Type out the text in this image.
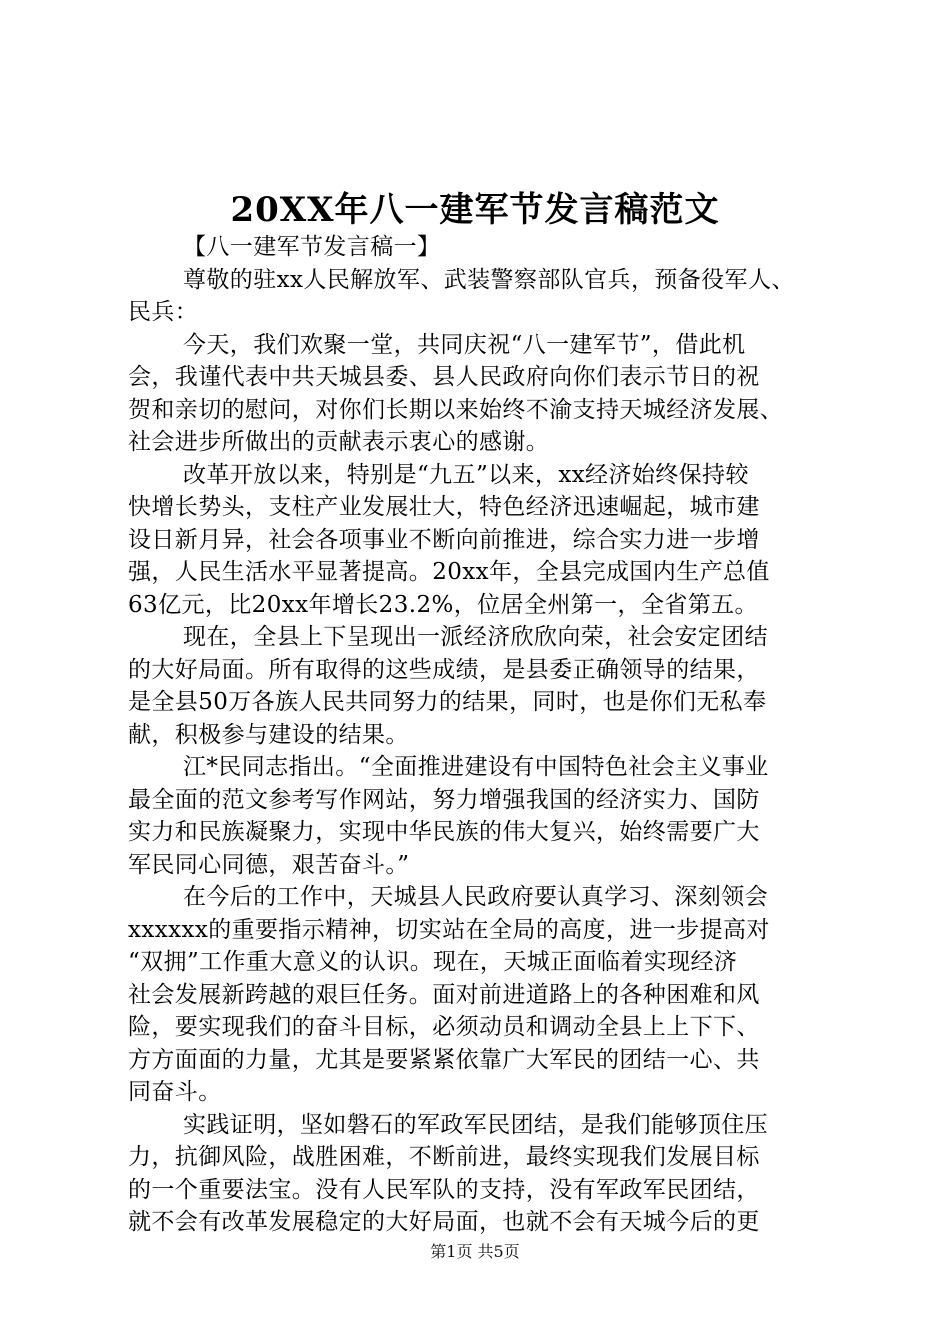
20XX年八一建军节发言稿范文
【八一建军节发言稿一】
尊敬的驻xx人民解放军、武装警察部队官兵，预备役军人、
民兵：
今天，我们欢聚一堂，共同庆祝“八一建军节”，借此机
会，我谨代表中共天城县委、县人民政府向你们表示节日的祝
贺和亲切的慰问，对你们长期以来始终不渝支持天城经济发展、
社会进步所做出的贡献表示衷心的感谢。
改革开放以来，特别是“九五”以来，xx经济始终保持较
快增长势头，支柱产业发展壮大，特色经济迅速崛起，城市建
设日新月异，社会各项事业不断向前推进，综合实力进一步增
强，人民生活水平显著提高。20xx年，全县完成国内生产总值
63亿元，比20xx年增长23.2%，位居全州第一，全省第五。
现在，全县上下呈现出一派经济欣欣向荣，社会安定团结
的大好局面。所有取得的这些成绩，是县委正确领导的结果，
是全县50万各族人民共同努力的结果，同时，也是你们无私奉
献，积极参与建设的结果。
江*民同志指出。“全面推进建设有中国特色社会主义事业
最全面的范文参考写作网站，努力增强我国的经济实力、国防
实力和民族凝聚力，实现中华民族的伟大复兴，始终需要广大
军民同心同德，艰苦奋斗。”
在今后的工作中，天城县人民政府要认真学习、深刻领会
xxxxxx的重要指示精神，切实站在全局的高度，进一步提高对
“双拥”工作重大意义的认识。现在，天城正面临着实现经济
社会发展新跨越的艰巨任务。面对前进道路上的各种困难和风
险，要实现我们的奋斗目标，必须动员和调动全县上上下下、
方方面面的力量，尤其是要紧紧依靠广大军民的团结一心、共
同奋斗。
实践证明，坚如磐石的军政军民团结，是我们能够顶住压
力，抗御风险，战胜困难，不断前进，最终实现我们发展目标
的一个重要法宝。没有人民军队的支持，没有军政军民团结，
就不会有改革发展稳定的大好局面，也就不会有天城今后的更
第1页 共5页
